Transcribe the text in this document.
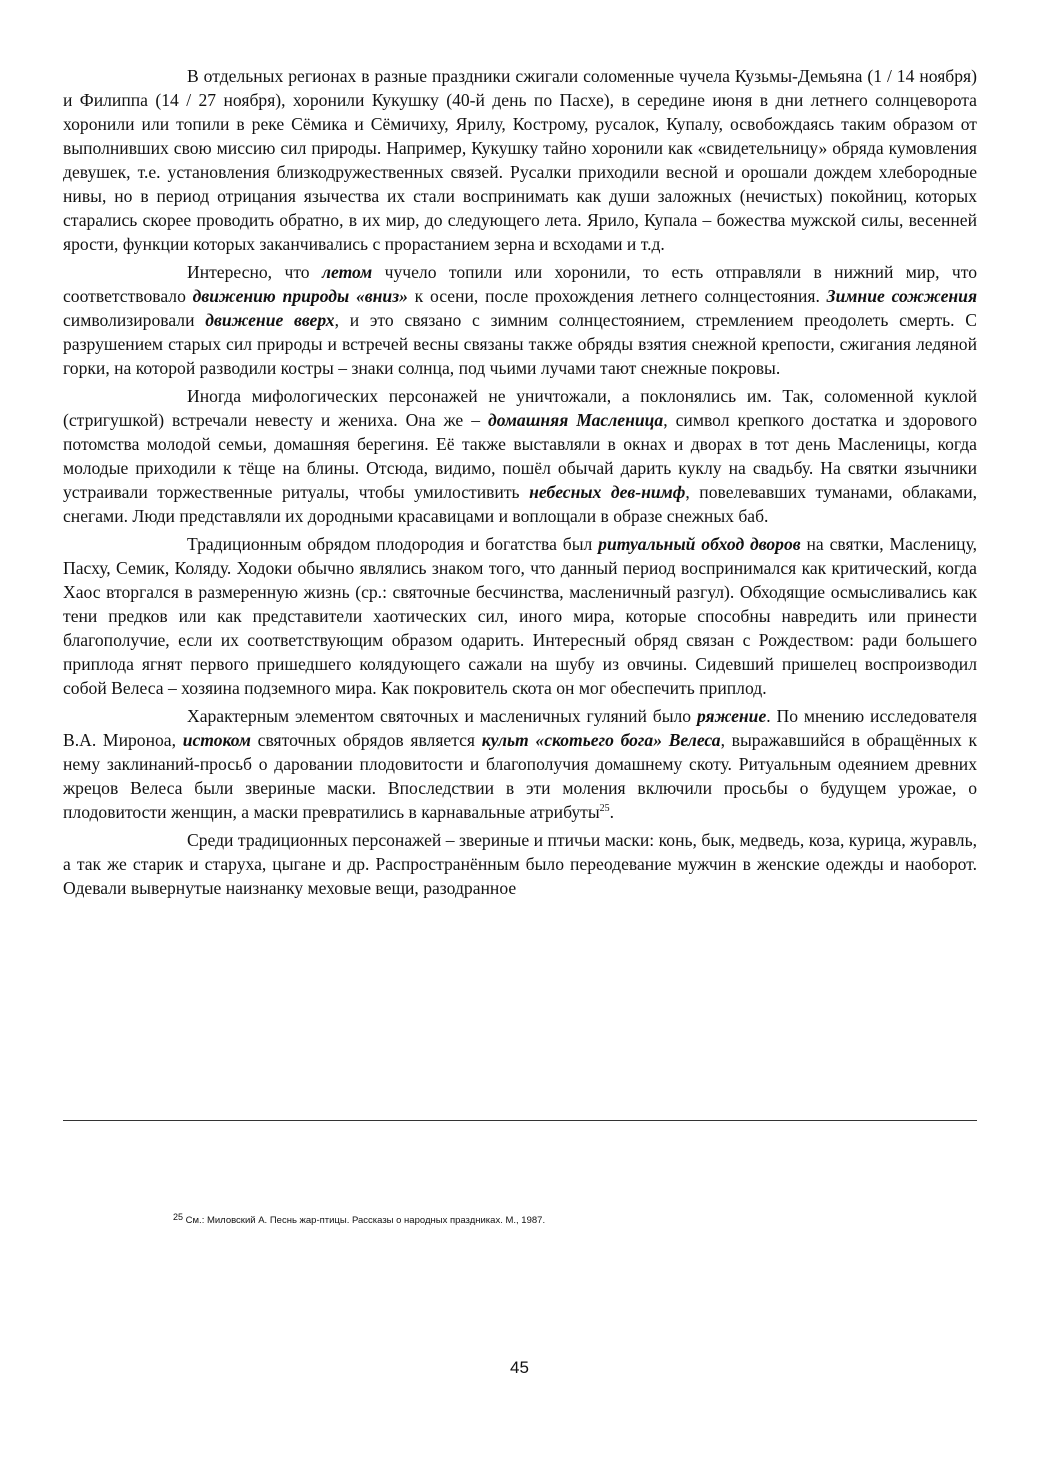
В отдельных регионах в разные праздники сжигали соломенные чучела Кузьмы-Демьяна (1 / 14 ноября) и Филиппа (14 / 27 ноября), хоронили Кукушку (40-й день по Пасхе), в середине июня в дни летнего солнцеворота хоронили или топили в реке Сёмика и Сёмичиху, Ярилу, Кострому, русалок, Купалу, освобождаясь таким образом от выполнивших свою миссию сил природы. Например, Кукушку тайно хоронили как «свидетельницу» обряда кумовления девушек, т.е. установления близкодружественных связей. Русалки приходили весной и орошали дождем хлебородные нивы, но в период отрицания язычества их стали воспринимать как души заложных (нечистых) покойниц, которых старались скорее проводить обратно, в их мир, до следующего лета. Ярило, Купала – божества мужской силы, весенней ярости, функции которых заканчивались с прорастанием зерна и всходами и т.д.

Интересно, что летом чучело топили или хоронили, то есть отправляли в нижний мир, что соответствовало движению природы «вниз» к осени, после прохождения летнего солнцестояния. Зимние сожжения символизировали движение вверх, и это связано с зимним солнцестоянием, стремлением преодолеть смерть. С разрушением старых сил природы и встречей весны связаны также обряды взятия снежной крепости, сжигания ледяной горки, на которой разводили костры – знаки солнца, под чьими лучами тают снежные покровы.

Иногда мифологических персонажей не уничтожали, а поклонялись им. Так, соломенной куклой (стригушкой) встречали невесту и жениха. Она же – домашняя Масленица, символ крепкого достатка и здорового потомства молодой семьи, домашняя берегиня. Её также выставляли в окнах и дворах в тот день Масленицы, когда молодые приходили к тёще на блины. Отсюда, видимо, пошёл обычай дарить куклу на свадьбу. На святки язычники устраивали торжественные ритуалы, чтобы умилостивить небесных дев-нимф, повелевавших туманами, облаками, снегами. Люди представляли их дородными красавицами и воплощали в образе снежных баб.

Традиционным обрядом плодородия и богатства был ритуальный обход дворов на святки, Масленицу, Пасху, Семик, Коляду. Ходоки обычно являлись знаком того, что данный период воспринимался как критический, когда Хаос вторгался в размеренную жизнь (ср.: святочные бесчинства, масленичный разгул). Обходящие осмысливались как тени предков или как представители хаотических сил, иного мира, которые способны навредить или принести благополучие, если их соответствующим образом одарить. Интересный обряд связан с Рождеством: ради большего приплода ягнят первого пришедшего колядующего сажали на шубу из овчины. Сидевший пришелец воспроизводил собой Велеса – хозяина подземного мира. Как покровитель скота он мог обеспечить приплод.

Характерным элементом святочных и масленичных гуляний было ряжение. По мнению исследователя В.А. Мироноа, истоком святочных обрядов является культ «скотьего бога» Велеса, выражавшийся в обращённых к нему заклинаний-просьб о даровании плодовитости и благополучия домашнему скоту. Ритуальным одеянием древних жрецов Велеса были звериные маски. Впоследствии в эти моления включили просьбы о будущем урожае, о плодовитости женщин, а маски превратились в карнавальные атрибуты$^{25}$.

Среди традиционных персонажей – звериные и птичьи маски: конь, бык, медведь, коза, курица, журавль, а так же старик и старуха, цыгане и др. Распространённым было переодевание мужчин в женские одежды и наоборот. Одевали вывернутые наизнанку меховые вещи, разодранное

$^{25}$ См.: Миловский А. Песнь жар-птицы. Рассказы о народных праздниках. М., 1987.
45
